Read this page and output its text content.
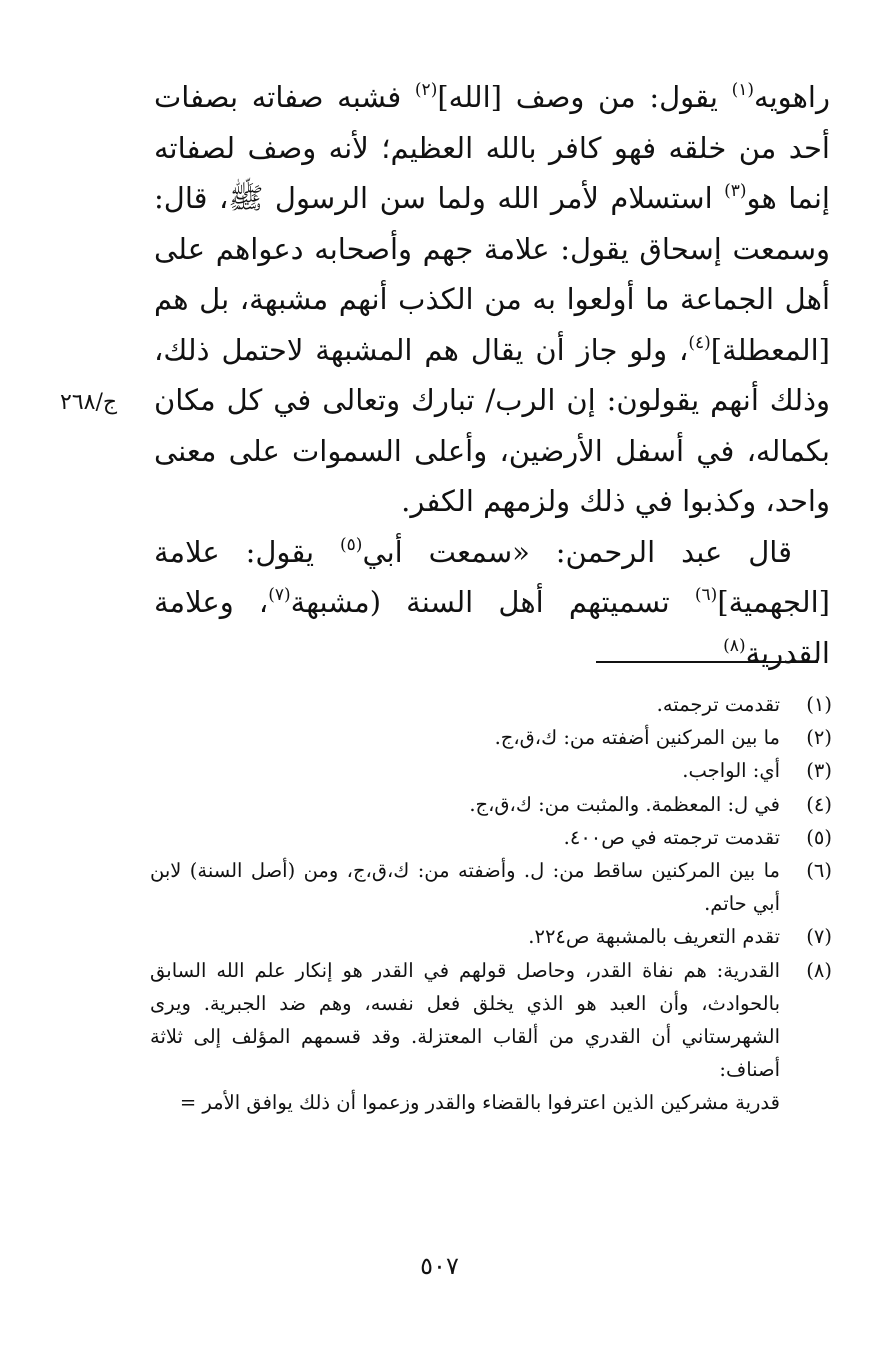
راهويه$^{(١)}$ يقول: من وصف [الله]$^{(٢)}$ فشبه صفاته بصفات أحد من خلقه فهو كافر بالله العظيم؛ لأنه وصف لصفاته إنما هو$^{(٣)}$ استسلام لأمر الله ولما سن الرسول ﷺ، قال: وسمعت إسحاق يقول: علامة جهم وأصحابه دعواهم على أهل الجماعة ما أولعوا به من الكذب أنهم مشبهة، بل هم [المعطلة]$^{(٤)}$، ولو جاز أن يقال هم المشبهة لاحتمل ذلك، وذلك أنهم يقولون: إن الرب/ تبارك وتعالى في كل مكان بكماله، في أسفل الأرضين، وأعلى السموات على معنى واحد، وكذبوا في ذلك ولزمهم الكفر.

قال عبد الرحمن: «سمعت أبي$^{(٥)}$ يقول: علامة [الجهمية]$^{(٦)}$ تسميتهم أهل السنة (مشبهة$^{(٧)}$، وعلامة القدرية$^{(٨)}$

ج/٢٦٨
(١)
تقدمت ترجمته.
(٢)
ما بين المركنين أضفته من: ك،ق،ج.
(٣)
أي: الواجب.
(٤)
في ل: المعظمة. والمثبت من: ك،ق،ج.
(٥)
تقدمت ترجمته في ص٤٠٠.
(٦)
ما بين المركنين ساقط من: ل. وأضفته من: ك،ق،ج، ومن (أصل السنة) لابن أبي حاتم.
(٧)
تقدم التعريف بالمشبهة ص٢٢٤.
(٨)
القدرية: هم نفاة القدر، وحاصل قولهم في القدر هو إنكار علم الله السابق بالحوادث، وأن العبد هو الذي يخلق فعل نفسه، وهم ضد الجبرية. ويرى الشهرستاني أن القدري من ألقاب المعتزلة. وقد قسمهم المؤلف إلى ثلاثة أصناف:
قدرية مشركين الذين اعترفوا بالقضاء والقدر وزعموا أن ذلك يوافق الأمر =
٥٠٧
